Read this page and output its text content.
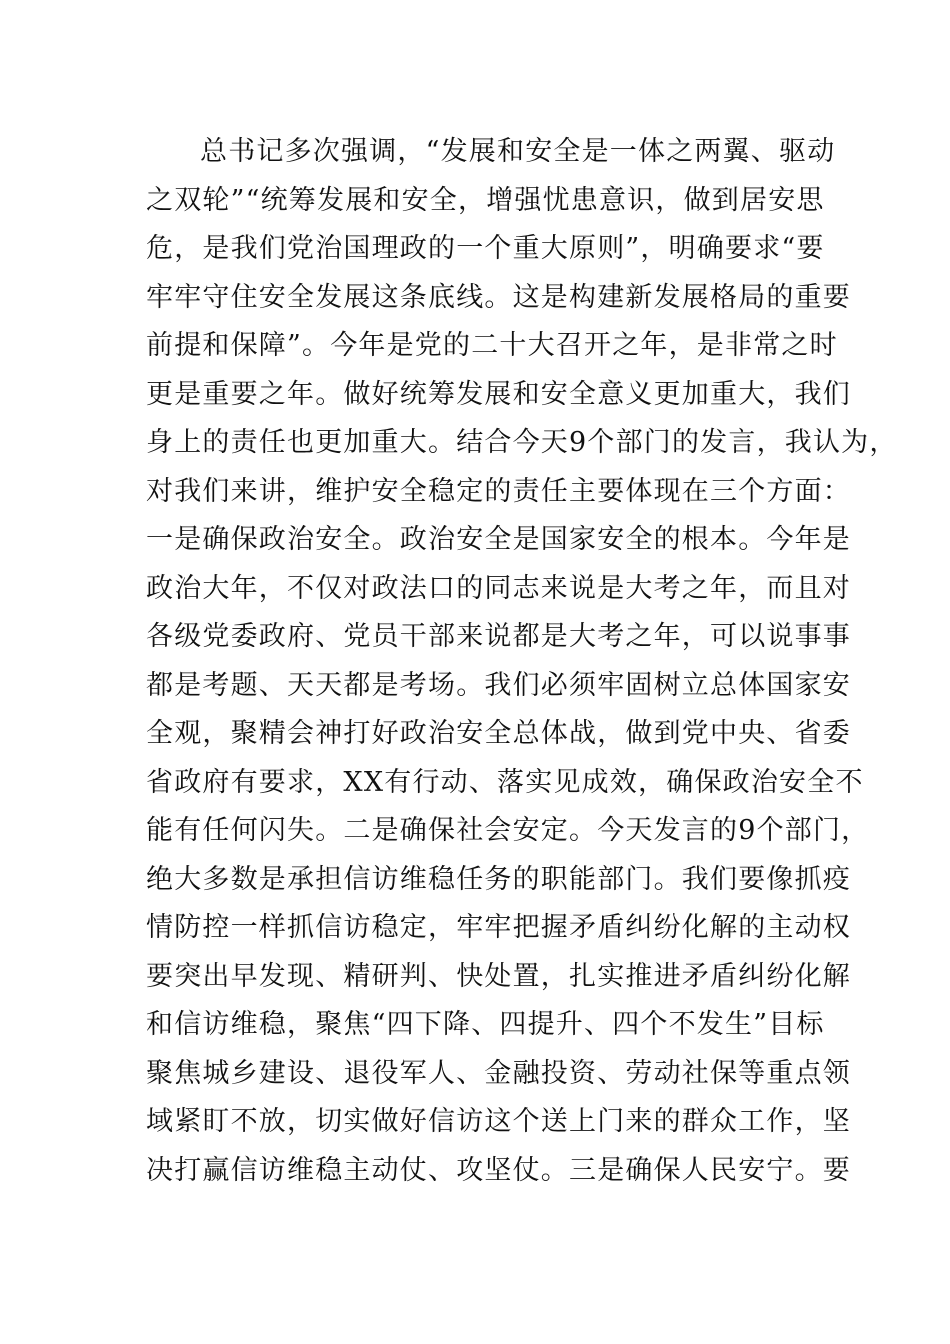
总书记多次强调，“发展和安全是一体之两翼、驱动
之双轮”“统筹发展和安全，增强忧患意识，做到居安思
危，是我们党治国理政的一个重大原则”，明确要求“要
牢牢守住安全发展这条底线。这是构建新发展格局的重要
前提和保障”。今年是党的二十大召开之年，是非常之时
更是重要之年。做好统筹发展和安全意义更加重大，我们
身上的责任也更加重大。结合今天9个部门的发言，我认为，
对我们来讲，维护安全稳定的责任主要体现在三个方面：
一是确保政治安全。政治安全是国家安全的根本。今年是
政治大年，不仅对政法口的同志来说是大考之年，而且对
各级党委政府、党员干部来说都是大考之年，可以说事事
都是考题、天天都是考场。我们必须牢固树立总体国家安
全观，聚精会神打好政治安全总体战，做到党中央、省委
省政府有要求，XX有行动、落实见成效，确保政治安全不
能有任何闪失。二是确保社会安定。今天发言的9个部门，
绝大多数是承担信访维稳任务的职能部门。我们要像抓疫
情防控一样抓信访稳定，牢牢把握矛盾纠纷化解的主动权
要突出早发现、精研判、快处置，扎实推进矛盾纠纷化解
和信访维稳，聚焦“四下降、四提升、四个不发生”目标
聚焦城乡建设、退役军人、金融投资、劳动社保等重点领
域紧盯不放，切实做好信访这个送上门来的群众工作，坚
决打赢信访维稳主动仗、攻坚仗。三是确保人民安宁。要
